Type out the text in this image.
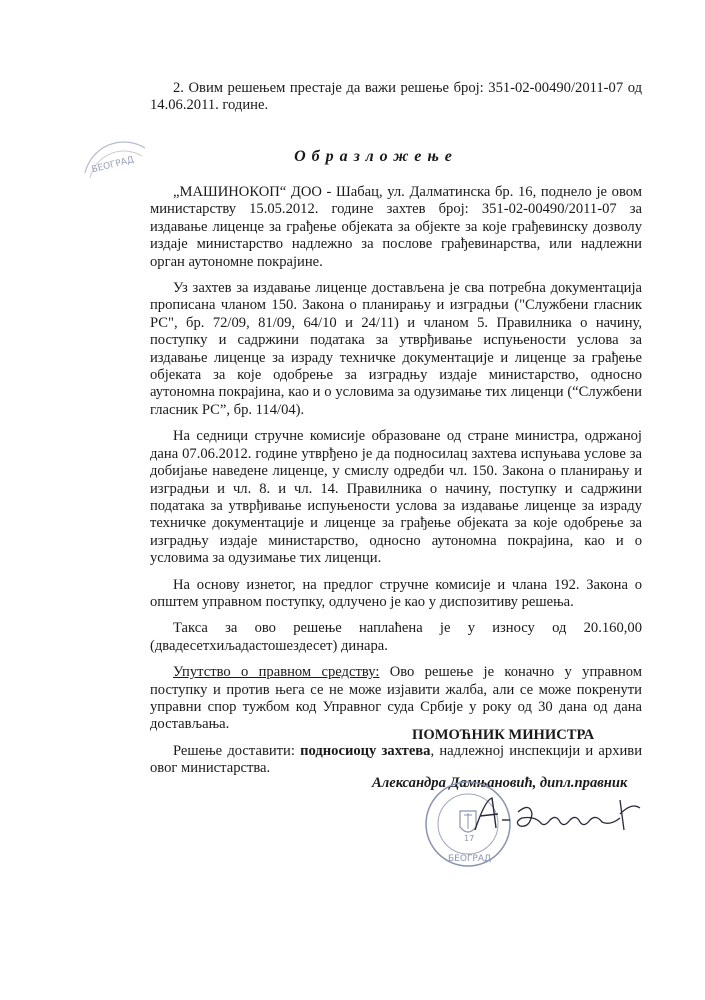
2. Овим решењем престаје да важи решење број: 351-02-00490/2011-07 од 14.06.2011. године.
БЕОГРАД	Образложење

„МАШИНОКОП“ ДОО - Шабац, ул. Далматинска бр. 16, поднело је овом министарству 15.05.2012. године захтев број: 351-02-00490/2011-07 за издавање лиценце за грађење објеката за објекте за које грађевинску дозволу издаје министарство надлежно за послове грађевинарства, или надлежни орган аутономне покрајине.

Уз захтев за издавање лиценце достављена је сва потребна документација прописана чланом 150. Закона о планирању и изградњи ("Службени гласник РС", бр. 72/09, 81/09, 64/10 и 24/11) и чланом 5. Правилника о начину, поступку и садржини података за утврђивање испуњености услова за издавање лиценце за израду техничке документације и лиценце за грађење објеката за које одобрење за изградњу издаје министарство, односно аутономна покрајина, као и о условима за одузимање тих лиценци (“Службени гласник РС”, бр. 114/04).

На седници стручне комисије образоване од стране министра, одржаној дана 07.06.2012. године утврђено је да подносилац захтева испуњава услове за добијање наведене лиценце, у смислу одредби чл. 150. Закона о планирању и изградњи и чл. 8. и чл. 14. Правилника о начину, поступку и садржини података за утврђивање испуњености услова за издавање лиценце за израду техничке документације и лиценце за грађење објеката за које одобрење за изградњу издаје министарство, односно аутономна покрајина, као и о условима за одузимање тих лиценци.

На основу изнетог, на предлог стручне комисије и члана 192. Закона о општем управном поступку, одлучено је као у диспозитиву решења.

Такса за ово решење наплаћена је у износу од 20.160,00 (двадесетхиљадастошездесет) динара.

Упутство о правном средству: Ово решење је коначно у управном поступку и против њега се не може изјавити жалба, али се може покренути управни спор тужбом код Управног суда Србије у року од 30 дана од дана достављања.

Решење доставити: подносиоцу захтева, надлежној инспекцији и архиви овог министарства.

ПОМОЋНИК МИНИСТРА
Александра Дамњановић, дипл.правник
17
БЕОГРАД
